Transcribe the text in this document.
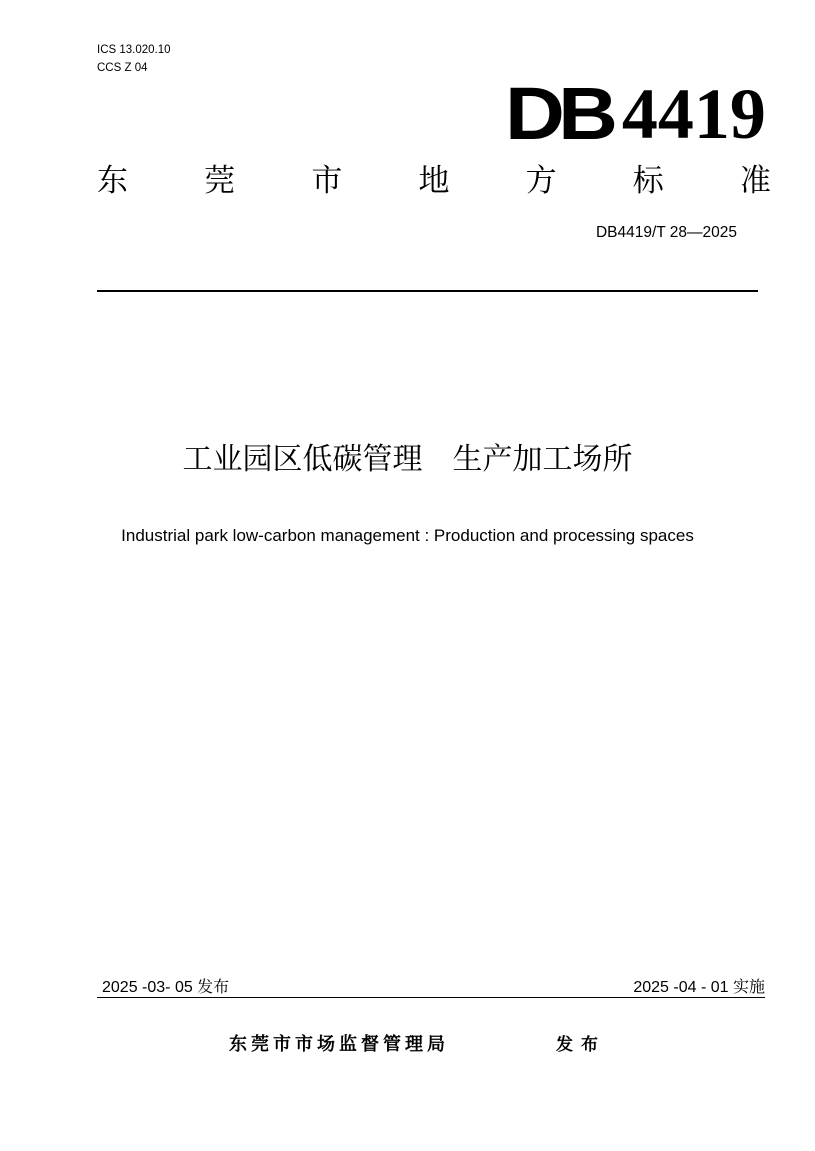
ICS 13.020.10
CCS Z 04
DB 4419
东 莞 市 地 方 标 准
DB4419/T 28—2025
工业园区低碳管理　生产加工场所
Industrial park low-carbon management : Production and processing spaces
2025 -03- 05 发布	2025 -04 - 01 实施
东莞市市场监督管理局	发布
